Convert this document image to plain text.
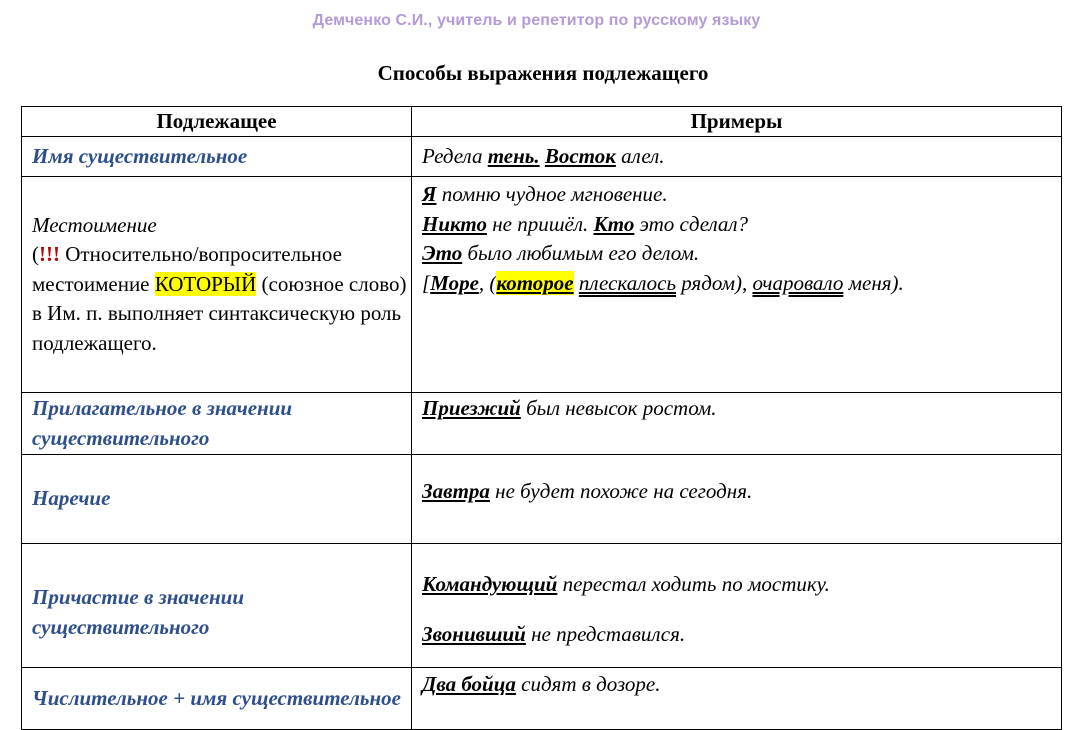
Демченко С.И., учитель и репетитор по русскому языку
Способы выражения подлежащего
Подлежащее	Примеры
Имя существительное	Редела тень. Восток алел.

Местоимение
(!!! Относительно/вопросительное местоимение КОТОРЫЙ (союзное слово) в Им. п. выполняет синтаксическую роль подлежащего.	Я помню чудное мгновение.
Никто не пришёл. Кто это сделал?
Это было любимым его делом.
[Море, (которое плескалось рядом), очаровало меня).

Прилагательное в значении существительного	Приезжий был невысок ростом.
Наречие	Завтра не будет похоже на сегодня.
Причастие в значении существительного	Командующий перестал ходить по мостику.
Звонивший не представился.

Числительное + имя существительное	Два бойца сидят в дозоре.
